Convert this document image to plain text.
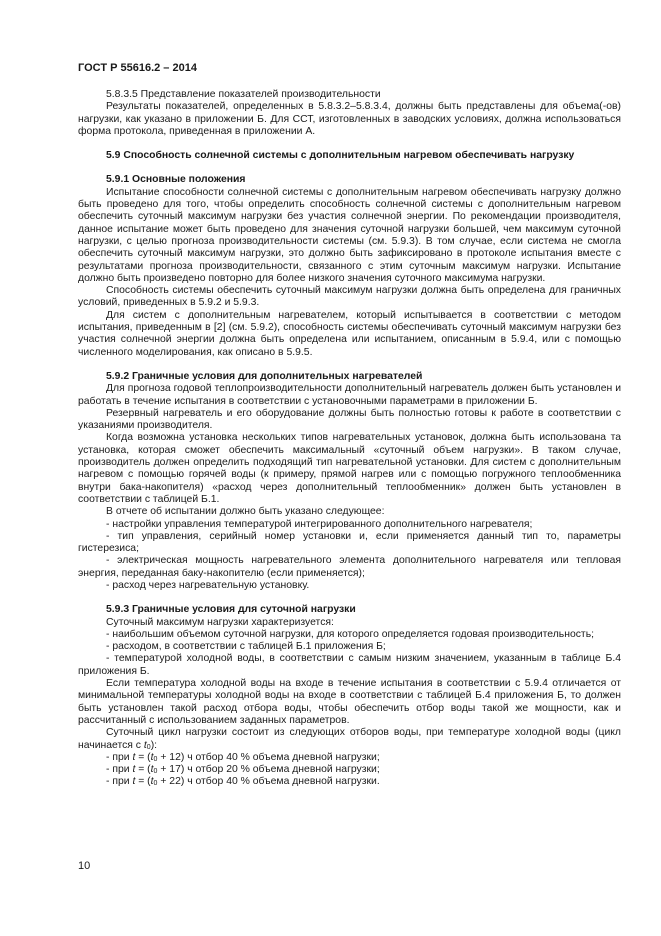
ГОСТ Р 55616.2 – 2014

5.8.3.5 Представление показателей производительности

Результаты показателей, определенных в 5.8.3.2–5.8.3.4, должны быть представлены для объема(-ов) нагрузки, как указано в приложении Б. Для ССТ, изготовленных в заводских условиях, должна использоваться форма протокола, приведенная в приложении А.

5.9 Способность солнечной системы с дополнительным нагревом обеспечивать нагрузку

5.9.1 Основные положения

Испытание способности солнечной системы с дополнительным нагревом обеспечивать нагрузку должно быть проведено для того, чтобы определить способность солнечной системы с дополнительным нагревом обеспечить суточный максимум нагрузки без участия солнечной энергии. По рекомендации производителя, данное испытание может быть проведено для значения суточной нагрузки большей, чем максимум суточной нагрузки, с целью прогноза производительности системы (см. 5.9.3). В том случае, если система не смогла обеспечить суточный максимум нагрузки, это должно быть зафиксировано в протоколе испытания вместе с результатами прогноза производительности, связанного с этим суточным максимум нагрузки. Испытание должно быть произведено повторно для более низкого значения суточного максимума нагрузки.

Способность системы обеспечить суточный максимум нагрузки должна быть определена для граничных условий, приведенных в 5.9.2 и 5.9.3.

Для систем с дополнительным нагревателем, который испытывается в соответствии с методом испытания, приведенным в [2] (см. 5.9.2), способность системы обеспечивать суточный максимум нагрузки без участия солнечной энергии должна быть определена или испытанием, описанным в 5.9.4, или с помощью численного моделирования, как описано в 5.9.5.

5.9.2 Граничные условия для дополнительных нагревателей

Для прогноза годовой теплопроизводительности дополнительный нагреватель должен быть установлен и работать в течение испытания в соответствии с установочными параметрами в приложении Б.

Резервный нагреватель и его оборудование должны быть полностью готовы к работе в соответствии с указаниями производителя.

Когда возможна установка нескольких типов нагревательных установок, должна быть использована та установка, которая сможет обеспечить максимальный «суточный объем нагрузки». В таком случае, производитель должен определить подходящий тип нагревательной установки. Для систем с дополнительным нагревом с помощью горячей воды (к примеру, прямой нагрев или с помощью погружного теплообменника внутри бака-накопителя) «расход через дополнительный теплообменник» должен быть установлен в соответствии с таблицей Б.1.

В отчете об испытании должно быть указано следующее:

- настройки управления температурой интегрированного дополнительного нагревателя;

- тип управления, серийный номер установки и, если применяется данный тип то, параметры гистерезиса;

- электрическая мощность нагревательного элемента дополнительного нагревателя или тепловая энергия, переданная баку-накопителю (если применяется);

- расход через нагревательную установку.

5.9.3 Граничные условия для суточной нагрузки

Суточный максимум нагрузки характеризуется:

- наибольшим объемом суточной нагрузки, для которого определяется годовая производительность;

- расходом, в соответствии с таблицей Б.1 приложения Б;

- температурой холодной воды, в соответствии с самым низким значением, указанным в таблице Б.4 приложения Б.

Если температура холодной воды на входе в течение испытания в соответствии с 5.9.4 отличается от минимальной температуры холодной воды на входе в соответствии с таблицей Б.4 приложения Б, то должен быть установлен такой расход отбора воды, чтобы обеспечить отбор воды такой же мощности, как и рассчитанный с использованием заданных параметров.

Суточный цикл нагрузки состоит из следующих отборов воды, при температуре холодной воды (цикл начинается с $t_0$):

- при $t = (t_0 + 12)$ ч отбор 40 % объема дневной нагрузки;

- при $t = (t_0 + 17)$ ч отбор 20 % объема дневной нагрузки;

- при $t = (t_0 + 22)$ ч отбор 40 % объема дневной нагрузки.

10
